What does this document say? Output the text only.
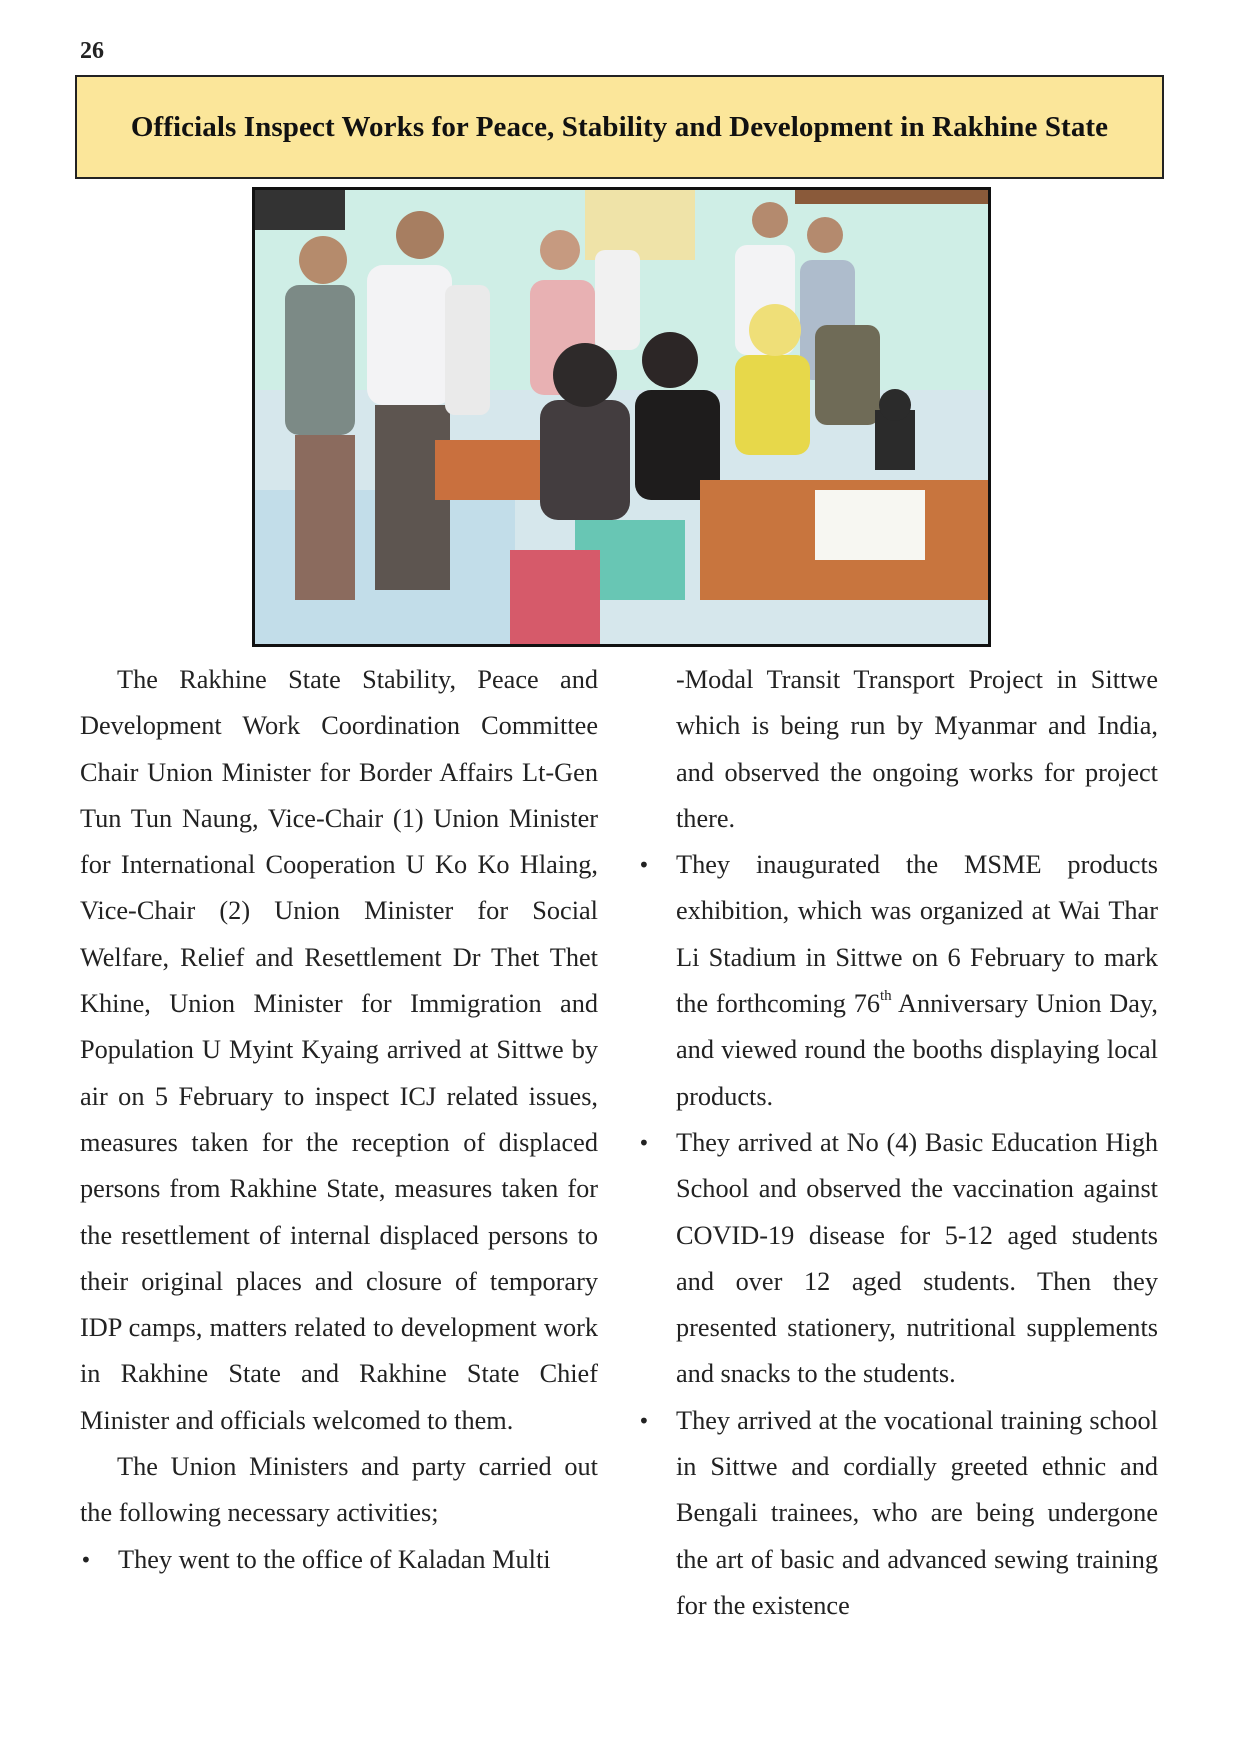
26
Officials Inspect Works for Peace, Stability and Development in Rakhine State

The Rakhine State Stability, Peace and Development Work Coordination Committee Chair Union Minister for Border Affairs Lt-Gen Tun Tun Naung, Vice-Chair (1) Union Minister for International Cooperation U Ko Ko Hlaing, Vice-Chair (2) Union Minister for Social Welfare, Relief and Resettlement Dr Thet Thet Khine, Union Minister for Immigration and Population U Myint Kyaing arrived at Sittwe by air on 5 February to inspect ICJ related issues, measures taken for the reception of displaced persons from Rakhine State, measures taken for the resettlement of internal displaced persons to their original places and closure of temporary IDP camps, matters related to development work in Rakhine State and Rakhine State Chief Minister and officials welcomed to them.

The Union Ministers and party carried out the following necessary activities;

• They went to the office of Kaladan Multi

-Modal Transit Transport Project in Sittwe which is being run by Myanmar and India, and observed the ongoing works for project there.

• They inaugurated the MSME products exhibition, which was organized at Wai Thar Li Stadium in Sittwe on 6 February to mark the forthcoming 76th Anniversary Union Day, and viewed round the booths displaying local products.

• They arrived at No (4) Basic Education High School and observed the vaccination against COVID-19 disease for 5-12 aged students and over 12 aged students. Then they presented stationery, nutritional supplements and snacks to the students.

• They arrived at the vocational training school in Sittwe and cordially greeted ethnic and Bengali trainees, who are being undergone the art of basic and advanced sewing training for the existence
